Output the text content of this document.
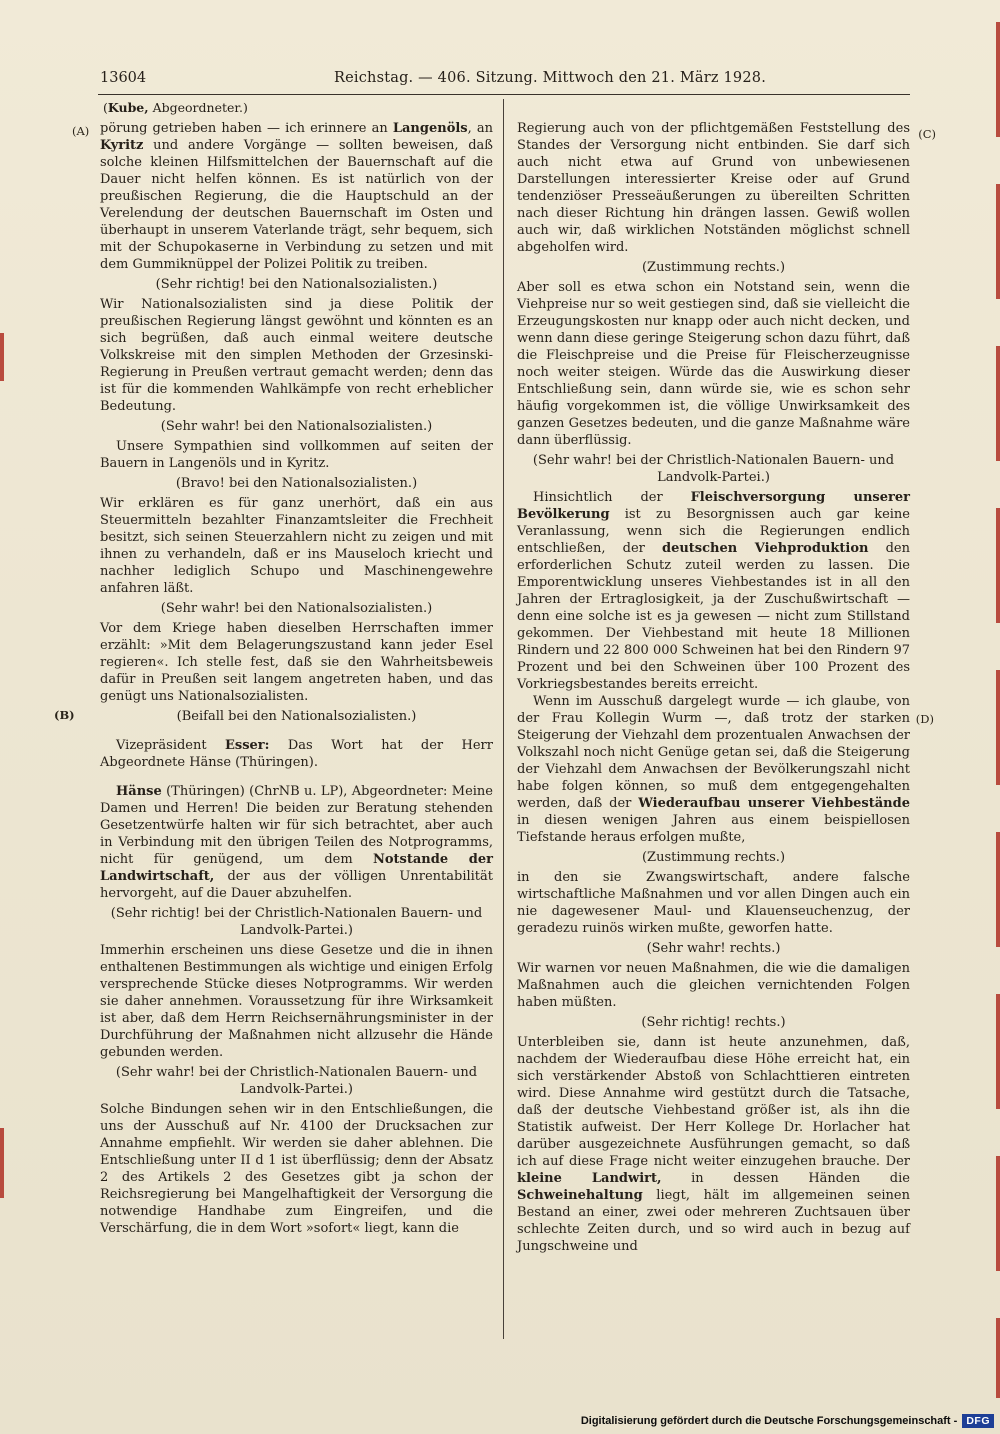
13604	Reichstag. — 406. Sitzung. Mittwoch den 21. März 1928.
(Kube, Abgeordneter.)
(A)
(B)
(C)
(D)

pörung getrieben haben — ich erinnere an Langenöls, an Kyritz und andere Vorgänge — sollten beweisen, daß solche kleinen Hilfsmittelchen der Bauernschaft auf die Dauer nicht helfen können. Es ist natürlich von der preußischen Regierung, die die Hauptschuld an der Verelendung der deutschen Bauernschaft im Osten und überhaupt in unserem Vaterlande trägt, sehr bequem, sich mit der Schupokaserne in Verbindung zu setzen und mit dem Gummiknüppel der Polizei Politik zu treiben.

(Sehr richtig! bei den Nationalsozialisten.)

Wir Nationalsozialisten sind ja diese Politik der preußischen Regierung längst gewöhnt und könnten es an sich begrüßen, daß auch einmal weitere deutsche Volkskreise mit den simplen Methoden der Grzesinski-Regierung in Preußen vertraut gemacht werden; denn das ist für die kommenden Wahlkämpfe von recht erheblicher Bedeutung.

(Sehr wahr! bei den Nationalsozialisten.)

Unsere Sympathien sind vollkommen auf seiten der Bauern in Langenöls und in Kyritz.

(Bravo! bei den Nationalsozialisten.)

Wir erklären es für ganz unerhört, daß ein aus Steuermitteln bezahlter Finanzamtsleiter die Frechheit besitzt, sich seinen Steuerzahlern nicht zu zeigen und mit ihnen zu verhandeln, daß er ins Mauseloch kriecht und nachher lediglich Schupo und Maschinengewehre anfahren läßt.

(Sehr wahr! bei den Nationalsozialisten.)

Vor dem Kriege haben dieselben Herrschaften immer erzählt: »Mit dem Belagerungszustand kann jeder Esel regieren«. Ich stelle fest, daß sie den Wahrheitsbeweis dafür in Preußen seit langem angetreten haben, und das genügt uns Nationalsozialisten.

(Beifall bei den Nationalsozialisten.)

Vizepräsident Esser: Das Wort hat der Herr Abgeordnete Hänse (Thüringen).

Hänse (Thüringen) (ChrNB u. LP), Abgeordneter: Meine Damen und Herren! Die beiden zur Beratung stehenden Gesetzentwürfe halten wir für sich betrachtet, aber auch in Verbindung mit den übrigen Teilen des Notprogramms, nicht für genügend, um dem Notstande der Landwirtschaft, der aus der völligen Unrentabilität hervorgeht, auf die Dauer abzuhelfen.

(Sehr richtig! bei der Christlich-Nationalen Bauern- und Landvolk-Partei.)

Immerhin erscheinen uns diese Gesetze und die in ihnen enthaltenen Bestimmungen als wichtige und einigen Erfolg versprechende Stücke dieses Notprogramms. Wir werden sie daher annehmen. Voraussetzung für ihre Wirksamkeit ist aber, daß dem Herrn Reichsernährungsminister in der Durchführung der Maßnahmen nicht allzusehr die Hände gebunden werden.

(Sehr wahr! bei der Christlich-Nationalen Bauern- und Landvolk-Partei.)

Solche Bindungen sehen wir in den Entschließungen, die uns der Ausschuß auf Nr. 4100 der Drucksachen zur Annahme empfiehlt. Wir werden sie daher ablehnen. Die Entschließung unter II d 1 ist überflüssig; denn der Absatz 2 des Artikels 2 des Gesetzes gibt ja schon der Reichsregierung bei Mangelhaftigkeit der Versorgung die notwendige Handhabe zum Eingreifen, und die Verschärfung, die in dem Wort »sofort« liegt, kann die

Regierung auch von der pflichtgemäßen Feststellung des Standes der Versorgung nicht entbinden. Sie darf sich auch nicht etwa auf Grund von unbewiesenen Darstellungen interessierter Kreise oder auf Grund tendenziöser Presseäußerungen zu übereilten Schritten nach dieser Richtung hin drängen lassen. Gewiß wollen auch wir, daß wirklichen Notständen möglichst schnell abgeholfen wird.

(Zustimmung rechts.)

Aber soll es etwa schon ein Notstand sein, wenn die Viehpreise nur so weit gestiegen sind, daß sie vielleicht die Erzeugungskosten nur knapp oder auch nicht decken, und wenn dann diese geringe Steigerung schon dazu führt, daß die Fleischpreise und die Preise für Fleischerzeugnisse noch weiter steigen. Würde das die Auswirkung dieser Entschließung sein, dann würde sie, wie es schon sehr häufig vorgekommen ist, die völlige Unwirksamkeit des ganzen Gesetzes bedeuten, und die ganze Maßnahme wäre dann überflüssig.

(Sehr wahr! bei der Christlich-Nationalen Bauern- und Landvolk-Partei.)

Hinsichtlich der Fleischversorgung unserer Bevölkerung ist zu Besorgnissen auch gar keine Veranlassung, wenn sich die Regierungen endlich entschließen, der deutschen Viehproduktion den erforderlichen Schutz zuteil werden zu lassen. Die Emporentwicklung unseres Viehbestandes ist in all den Jahren der Ertraglosigkeit, ja der Zuschußwirtschaft — denn eine solche ist es ja gewesen — nicht zum Stillstand gekommen. Der Viehbestand mit heute 18 Millionen Rindern und 22 800 000 Schweinen hat bei den Rindern 97 Prozent und bei den Schweinen über 100 Prozent des Vorkriegsbestandes bereits erreicht.

Wenn im Ausschuß dargelegt wurde — ich glaube, von der Frau Kollegin Wurm —, daß trotz der starken Steigerung der Viehzahl dem prozentualen Anwachsen der Volkszahl noch nicht Genüge getan sei, daß die Steigerung der Viehzahl dem Anwachsen der Bevölkerungszahl nicht habe folgen können, so muß dem entgegengehalten werden, daß der Wiederaufbau unserer Viehbestände in diesen wenigen Jahren aus einem beispiellosen Tiefstande heraus erfolgen mußte,

(Zustimmung rechts.)

in den sie Zwangswirtschaft, andere falsche wirtschaftliche Maßnahmen und vor allen Dingen auch ein nie dagewesener Maul- und Klauenseuchenzug, der geradezu ruinös wirken mußte, geworfen hatte.

(Sehr wahr! rechts.)

Wir warnen vor neuen Maßnahmen, die wie die damaligen Maßnahmen auch die gleichen vernichtenden Folgen haben müßten.

(Sehr richtig! rechts.)

Unterbleiben sie, dann ist heute anzunehmen, daß, nachdem der Wiederaufbau diese Höhe erreicht hat, ein sich verstärkender Abstoß von Schlachttieren eintreten wird. Diese Annahme wird gestützt durch die Tatsache, daß der deutsche Viehbestand größer ist, als ihn die Statistik aufweist. Der Herr Kollege Dr. Horlacher hat darüber ausgezeichnete Ausführungen gemacht, so daß ich auf diese Frage nicht weiter einzugehen brauche. Der kleine Landwirt, in dessen Händen die Schweinehaltung liegt, hält im allgemeinen seinen Bestand an einer, zwei oder mehreren Zuchtsauen über schlechte Zeiten durch, und so wird auch in bezug auf Jungschweine und

Digitalisierung gefördert durch die Deutsche Forschungsgemeinschaft - DFG
